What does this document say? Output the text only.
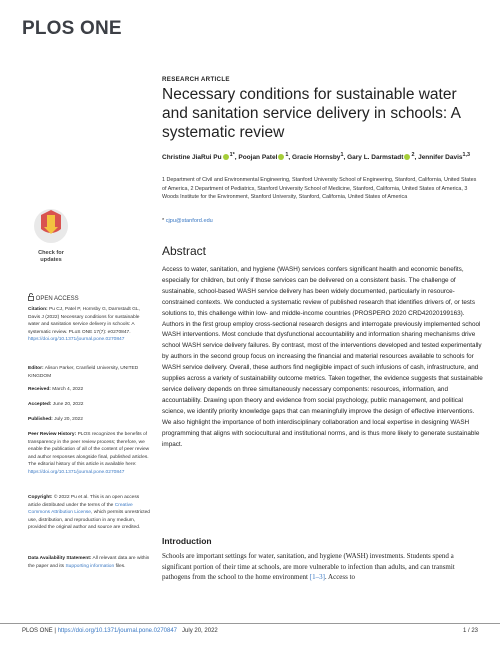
PLOS ONE
RESEARCH ARTICLE
Necessary conditions for sustainable water and sanitation service delivery in schools: A systematic review
Christine JiaRui Pu $^{1*}$, Poojan Patel $^1$, Gracie Hornsby$^1$, Gary L. Darmstadt $^2$, Jennifer Davis$^{1,3}$
1 Department of Civil and Environmental Engineering, Stanford University School of Engineering, Stanford, California, United States of America, 2 Department of Pediatrics, Stanford University School of Medicine, Stanford, California, United States of America, 3 Woods Institute for the Environment, Stanford University, Stanford, California, United States of America
* cjpu@stanford.edu
Check for
updates
OPEN ACCESS
Citation: Pu CJ, Patel P, Hornsby G, Darmstadt GL, Davis J (2022) Necessary conditions for sustainable water and sanitation service delivery in schools: A systematic review. PLoS ONE 17(7): e0270847. https://doi.org/10.1371/journal.pone.0270847
Editor: Alison Parker, Cranfield University, UNITED KINGDOM
Received: March 4, 2022
Accepted: June 20, 2022
Published: July 20, 2022
Peer Review History: PLOS recognizes the benefits of transparency in the peer review process; therefore, we enable the publication of all of the content of peer review and author responses alongside final, published articles. The editorial history of this article is available here: https://doi.org/10.1371/journal.pone.0270847
Copyright: © 2022 Pu et al. This is an open access article distributed under the terms of the Creative Commons Attribution License, which permits unrestricted use, distribution, and reproduction in any medium, provided the original author and source are credited.
Data Availability Statement: All relevant data are within the paper and its Supporting information files.
Abstract
Access to water, sanitation, and hygiene (WASH) services confers significant health and economic benefits, especially for children, but only if those services can be delivered on a consistent basis. The challenge of sustainable, school-based WASH service delivery has been widely documented, particularly in resource-constrained contexts. We conducted a systematic review of published research that identifies drivers of, or tests solutions to, this challenge within low- and middle-income countries (PROSPERO 2020 CRD42020199163). Authors in the first group employ cross-sectional research designs and interrogate previously implemented school WASH interventions. Most conclude that dysfunctional accountability and information sharing mechanisms drive school WASH service delivery failures. By contrast, most of the interventions developed and tested experimentally by authors in the second group focus on increasing the financial and material resources available to schools for WASH service delivery. Overall, these authors find negligible impact of such infusions of cash, infrastructure, and supplies across a variety of sustainability outcome metrics. Taken together, the evidence suggests that sustainable service delivery depends on three simultaneously necessary components: resources, information, and accountability. Drawing upon theory and evidence from social psychology, public management, and political science, we identify priority knowledge gaps that can meaningfully improve the design of effective interventions. We also highlight the importance of both interdisciplinary collaboration and local expertise in designing WASH programming that aligns with sociocultural and institutional norms, and is thus more likely to generate sustainable impact.
Introduction
Schools are important settings for water, sanitation, and hygiene (WASH) investments. Students spend a significant portion of their time at schools, are more vulnerable to infection than adults, and can transmit pathogens from the school to the home environment [1–3]. Access to
PLOS ONE | https://doi.org/10.1371/journal.pone.0270847 July 20, 2022	1 / 23
